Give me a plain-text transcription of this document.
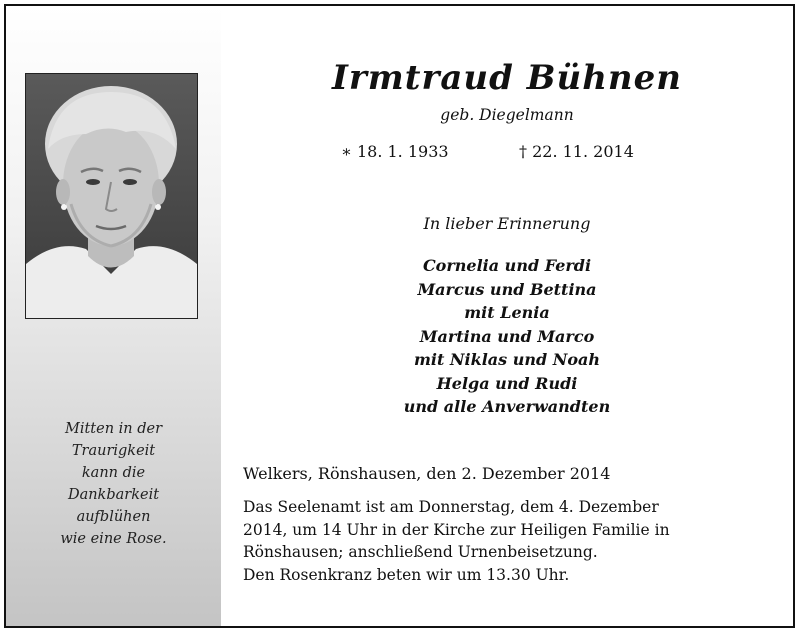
Mitten in der
Traurigkeit
kann die
Dankbarkeit
aufblühen
wie eine Rose.
Irmtraud Bühnen
geb. Diegelmann
∗ 18. 1. 1933	† 22. 11. 2014
In lieber Erinnerung
Cornelia und Ferdi
Marcus und Bettina
mit Lenia
Martina und Marco
mit Niklas und Noah
Helga und Rudi
und alle Anverwandten
Welkers, Rönshausen, den 2. Dezember 2014
Das Seelenamt ist am Donnerstag, dem 4. Dezember
2014, um 14 Uhr in der Kirche zur Heiligen Familie in
Rönshausen; anschließend Urnenbeisetzung.
Den Rosenkranz beten wir um 13.30 Uhr.
